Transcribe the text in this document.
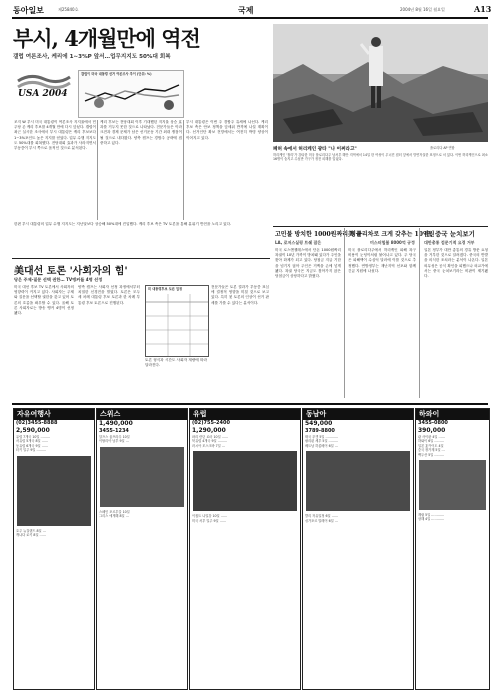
동아일보	제25840호	국제	2004년 8월 16일 월요일	A13
부시, 4개월만에 역전
갤럽 여론조사, 케리에 1∼3%P 앞서…업무지지도 50%대 회복
USA 2004
갤럽이 미국 대통령 선거 여론조사 추이 (단위: %)
조지 W 부시 미국 대통령이 여론조사 지지율에서 민주당 존 케리 후보를 4개월 만에 다시 앞섰다. 갤럽이 최근 실시한 조사에서 부시 대통령은 케리 후보보다 1∼3%포인트 높은 지지를 얻었다. 업무 수행 지지도도 50%대를 회복했다. 전당대회 효과가 사라지면서 부동층이 부시 쪽으로 움직인 것으로 분석된다.
케리 후보는 전당대회 이후 기대했던 지지율 상승 효과를 거두지 못한 것으로 나타났다. 전문가들은 이라크전과 경제 문제가 남은 선거운동 기간 최대 쟁점이 될 것으로 내다봤다. 양측 캠프는 경합주 공략에 집중하고 있다.
부시 대통령은 이번 주 경합주 유세에 나선다. 케리 후보 측은 안보 정책을 앞세워 반격에 나설 계획이다. 선거인단 확보 전망에서는 여전히 박빙 양상이 이어지고 있다.
폐허 속에서 허리케인 광타 "나 어쩌라고"	플로리다 AP 연합
허리케인 '찰리'가 강타한 미국 플로리다주 남서부 해안 지역에서 14일 한 여성이 무너진 집터 앞에서 망연자실한 표정으로 서 있다. 이번 허리케인으로 최소 16명이 숨지고 수십만 가구가 정전 피해를 입었다.
고민불 방치한 1000원짜리 병금
LA, 로저스실링 트쉐 잡은
미국 로스앤젤레스에서 단돈 1000원짜리 복권이 10년 가까이 방치돼 있다가 주인을 찾아 화제가 되고 있다. 당첨금 지급 기한을 넘기지 않아 주인은 거액을 손에 넣게 됐다. 복권 당국은 지금도 찾아가지 않은 당첨금이 상당하다고 밝혔다.
美 플리차로 크게 갖추는 10억원
미스터힐볼 8000억 규정
미국 플로리다주에서 허리케인 피해 복구 비용이 눈덩이처럼 불어나고 있다. 주 당국은 피해액이 수십억 달러에 이를 것으로 추정했다. 연방정부는 재난지역 선포와 함께 긴급 지원에 나섰다.
日, 중국 눈치보기
대만총통 검문기적 요경 거부
일본 정부가 대만 총통의 경유 방문 요청을 거부한 것으로 알려졌다. 중국의 반발을 의식한 조치라는 분석이 나온다. 일본 외무성은 공식 확인을 피했으나 외교가에서는 중국 눈치보기라는 비판이 제기됐다.
한편 부시 대통령의 업무 수행 지지도는 지난달보다 상승해 50%대에 진입했다. 케리 후보 측은 TV 토론을 통해 분위기 반전을 노리고 있다.
美대선 토론 '사회자의 힘'
당은 주제·질문 선택 권한… TV앵커들 4명 선정
미국 대선 후보 TV 토론에서 사회자의 영향력이 커지고 있다. 사회자는 주제와 질문을 선택할 권한을 갖고 있어 토론의 흐름을 좌우할 수 있다. 올해 토론 사회자로는 방송 앵커 4명이 선정됐다.
양측 캠프는 사회자 선정 과정에서부터 치열한 신경전을 벌였다. 토론은 모두 세 차례 대통령 후보 토론과 한 차례 부통령 후보 토론으로 진행된다.
미 대통령후보 토론 일정
토론 형식과 시간도 사회자 재량에 따라 달라진다.
전문가들은 토론 결과가 부동층 표심에 결정적 영향을 미칠 것으로 보고 있다. 특히 첫 토론의 인상이 선거 판세를 가를 수 있다는 분석이다.
자유여행사
(02)3455-8888
2,590,000
유럽 7개국 10일 ………
서유럽 5개국 8일 ……
동유럽 6개국 9일 ……
터키 일주 9일 ………
호주 뉴질랜드 8일 …
캐나다 로키 8일 ……
스위스
1,490,000
3455-1234
알프스 융프라우 10일
이탈리아 남부 9일 …
스페인 포르투갈 10일
그리스 에게해 8일 …
유럽
(02)755-2400
1,290,000
파리 런던 로마 10일 ……
북유럽 4개국 9일 ………
러시아 모스크바 7일 …
이집트 나일강 10일 ……
미국 서부 일주 9일 ……
동남아
549,000
3789-8800
태국 푸켓 5일 …………
필리핀 세부 5일 ………
베트남 하롱베이 6일 …
발리 자유일정 6일 ……
싱가포르 말레이 6일 …
하와이
3455-0800
390,000
괌 사이판 4일 ……
하와이 6일 ………
일본 홋카이도 4일
중국 장가계 5일 …
백두산 5일 ………
계림 5일 …………
상해 4일 …………
